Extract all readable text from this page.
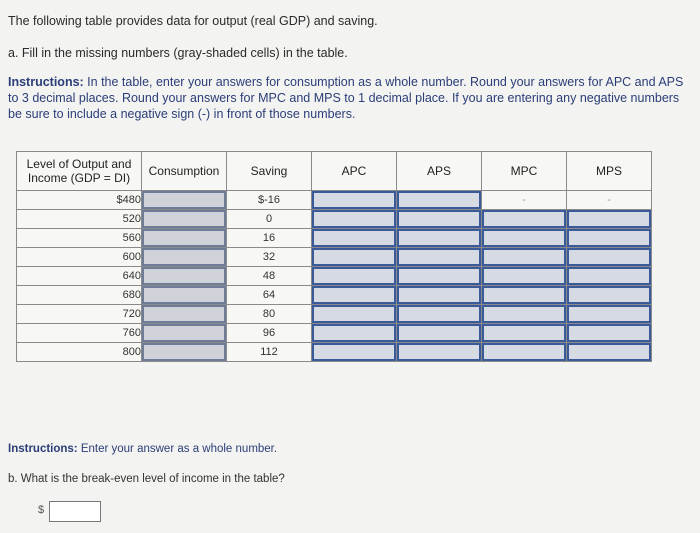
The following table provides data for output (real GDP) and saving.
a. Fill in the missing numbers (gray-shaded cells) in the table.
Instructions: In the table, enter your answers for consumption as a whole number. Round your answers for APC and APS to 3 decimal places. Round your answers for MPC and MPS to 1 decimal place. If you are entering any negative numbers be sure to include a negative sign (-) in front of those numbers.
Level of Output and Income (GDP = DI)	Consumption	Saving	APC	APS	MPC	MPS
$480		$-16			-	-
520		0	

560		16	

600		32	

640		48	

680		64	

720		80	

760		96	

800		112	

Instructions: Enter your answer as a whole number.
b. What is the break-even level of income in the table?
$
